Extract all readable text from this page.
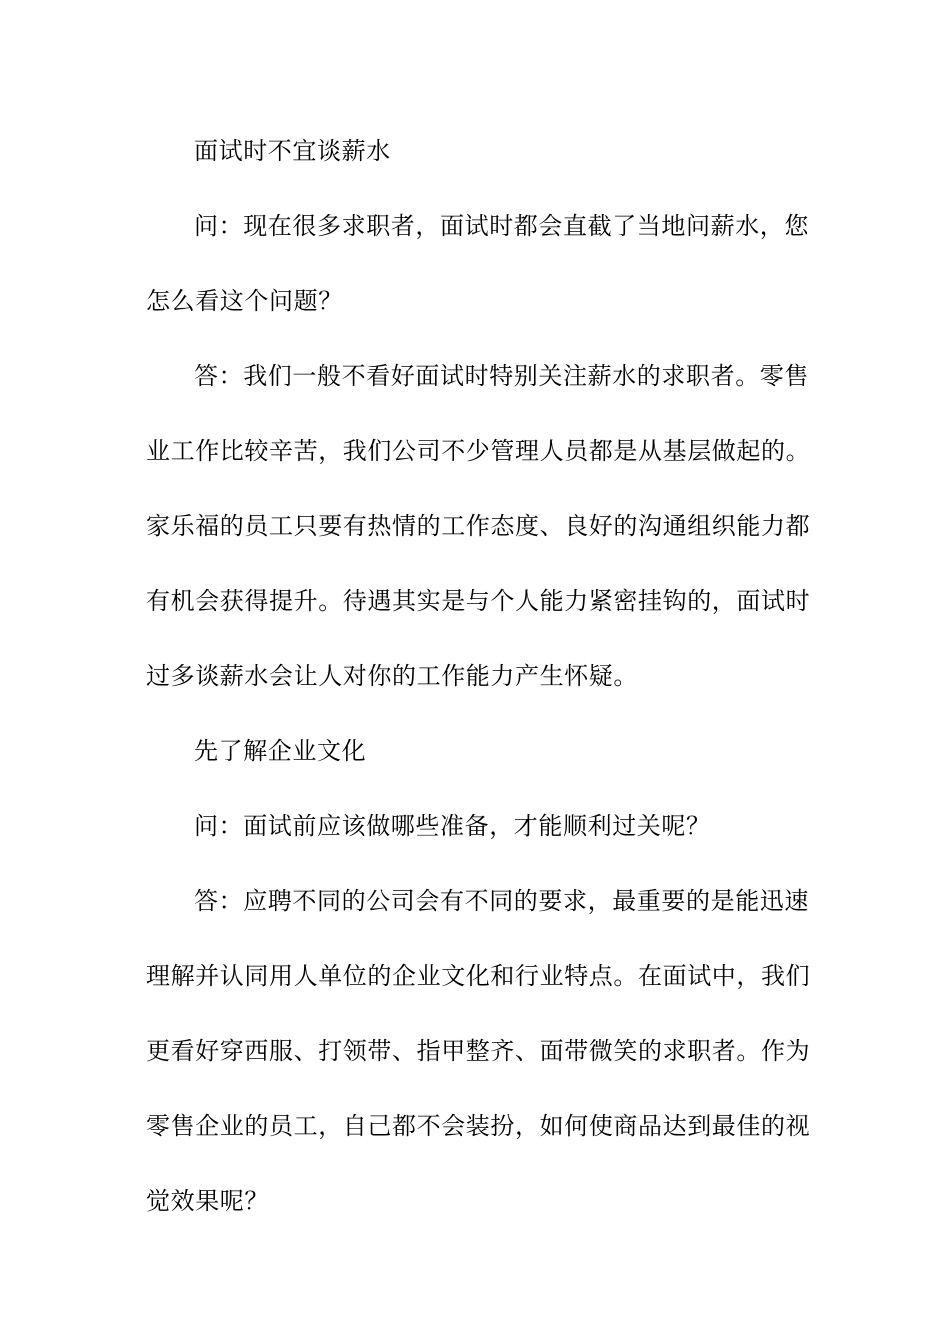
面试时不宜谈薪水
问：现在很多求职者，面试时都会直截了当地问薪水，您
怎么看这个问题？
答：我们一般不看好面试时特别关注薪水的求职者。零售
业工作比较辛苦，我们公司不少管理人员都是从基层做起的。
家乐福的员工只要有热情的工作态度、良好的沟通组织能力都
有机会获得提升。待遇其实是与个人能力紧密挂钩的，面试时
过多谈薪水会让人对你的工作能力产生怀疑。
先了解企业文化
问：面试前应该做哪些准备，才能顺利过关呢？
答：应聘不同的公司会有不同的要求，最重要的是能迅速
理解并认同用人单位的企业文化和行业特点。在面试中，我们
更看好穿西服、打领带、指甲整齐、面带微笑的求职者。作为
零售企业的员工，自己都不会装扮，如何使商品达到最佳的视
觉效果呢？
